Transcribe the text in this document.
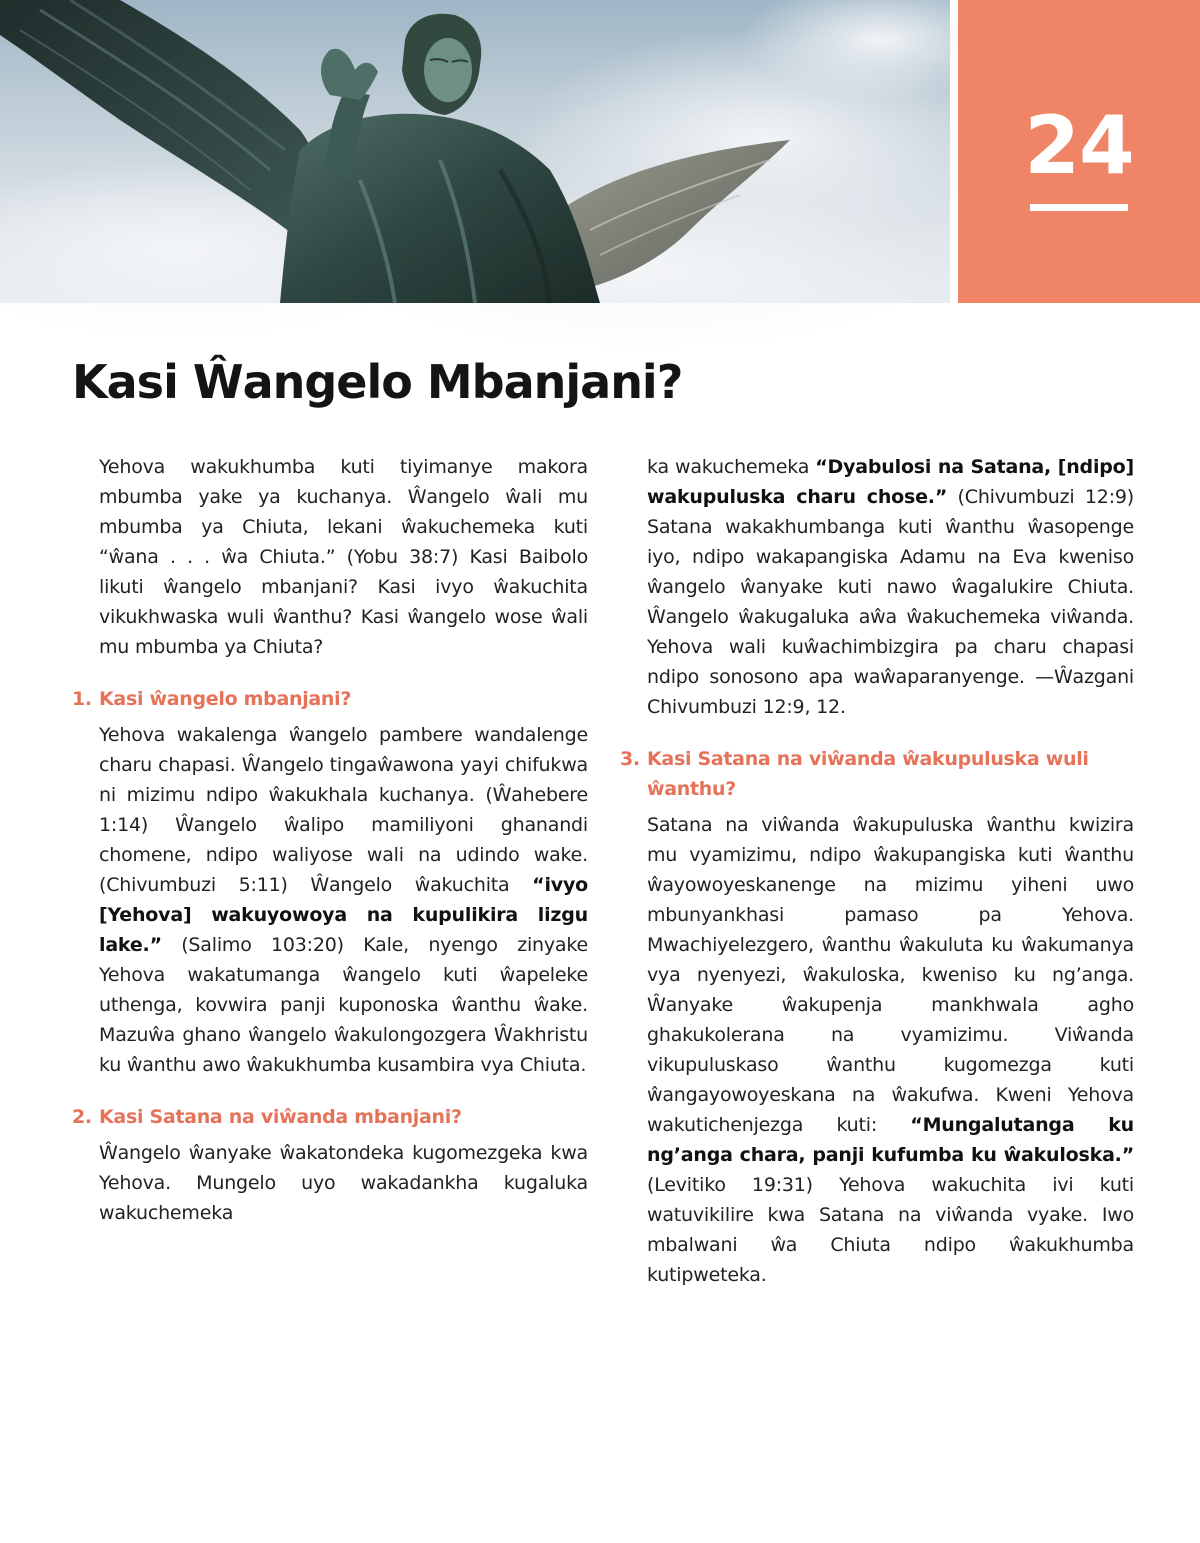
24
Kasi Ŵangelo Mbanjani?

Yehova wakukhumba kuti tiyimanye makora mbumba yake ya kuchanya. Ŵangelo ŵali mu mbumba ya Chiuta, lekani ŵakuchemeka kuti “ŵana . . . ŵa Chiuta.” (Yobu 38:7) Kasi Baibolo likuti ŵangelo mbanjani? Kasi ivyo ŵakuchita vikukhwaska wuli ŵanthu? Kasi ŵangelo wose ŵali mu mbumba ya Chiuta?

1. Kasi ŵangelo mbanjani?

Yehova wakalenga ŵangelo pambere wandalenge charu chapasi. Ŵangelo tingaŵawona yayi chifukwa ni mizimu ndipo ŵakukhala kuchanya. (Ŵahebere 1:14) Ŵangelo ŵalipo mamiliyoni ghanandi chomene, ndipo waliyose wali na udindo wake. (Chivumbuzi 5:11) Ŵangelo ŵakuchita “ivyo [Yehova] wakuyowoya na kupulikira lizgu lake.” (Salimo 103:20) Kale, nyengo zinyake Yehova wakatumanga ŵangelo kuti ŵapeleke uthenga, kovwira panji kuponoska ŵanthu ŵake. Mazuŵa ghano ŵangelo ŵakulongozgera Ŵakhristu ku ŵanthu awo ŵakukhumba kusambira vya Chiuta.

2. Kasi Satana na viŵanda mbanjani?

Ŵangelo ŵanyake ŵakatondeka kugomezgeka kwa Yehova. Mungelo uyo wakadankha kugaluka wakuchemeka

ka wakuchemeka “Dyabulosi na Satana, [ndipo] wakupuluska charu chose.” (Chivumbuzi 12:9) Satana wakakhumbanga kuti ŵanthu ŵasopenge iyo, ndipo wakapangiska Adamu na Eva kweniso ŵangelo ŵanyake kuti nawo ŵagalukire Chiuta. Ŵangelo ŵakugaluka aŵa ŵakuchemeka viŵanda. Yehova wali kuŵachimbizgira pa charu chapasi ndipo sonosono apa waŵaparanyenge. —Ŵazgani Chivumbuzi 12:9, 12.

3. Kasi Satana na viŵanda ŵakupuluska wuli ŵanthu?

Satana na viŵanda ŵakupuluska ŵanthu kwizira mu vyamizimu, ndipo ŵakupangiska kuti ŵanthu ŵayowoyeskanenge na mizimu yiheni uwo mbunyankhasi pamaso pa Yehova. Mwachiyelezgero, ŵanthu ŵakuluta ku ŵakumanya vya nyenyezi, ŵakuloska, kweniso ku ng’anga. Ŵanyake ŵakupenja mankhwala agho ghakukolerana na vyamizimu. Viŵanda vikupuluskaso ŵanthu kugomezga kuti ŵangayowoyeskana na ŵakufwa. Kweni Yehova wakutichenjezga kuti: “Mungalutanga ku ng’anga chara, panji kufumba ku ŵakuloska.” (Levitiko 19:31) Yehova wakuchita ivi kuti watuvikilire kwa Satana na viŵanda vyake. Iwo mbalwani ŵa Chiuta ndipo ŵakukhumba kutipweteka.
